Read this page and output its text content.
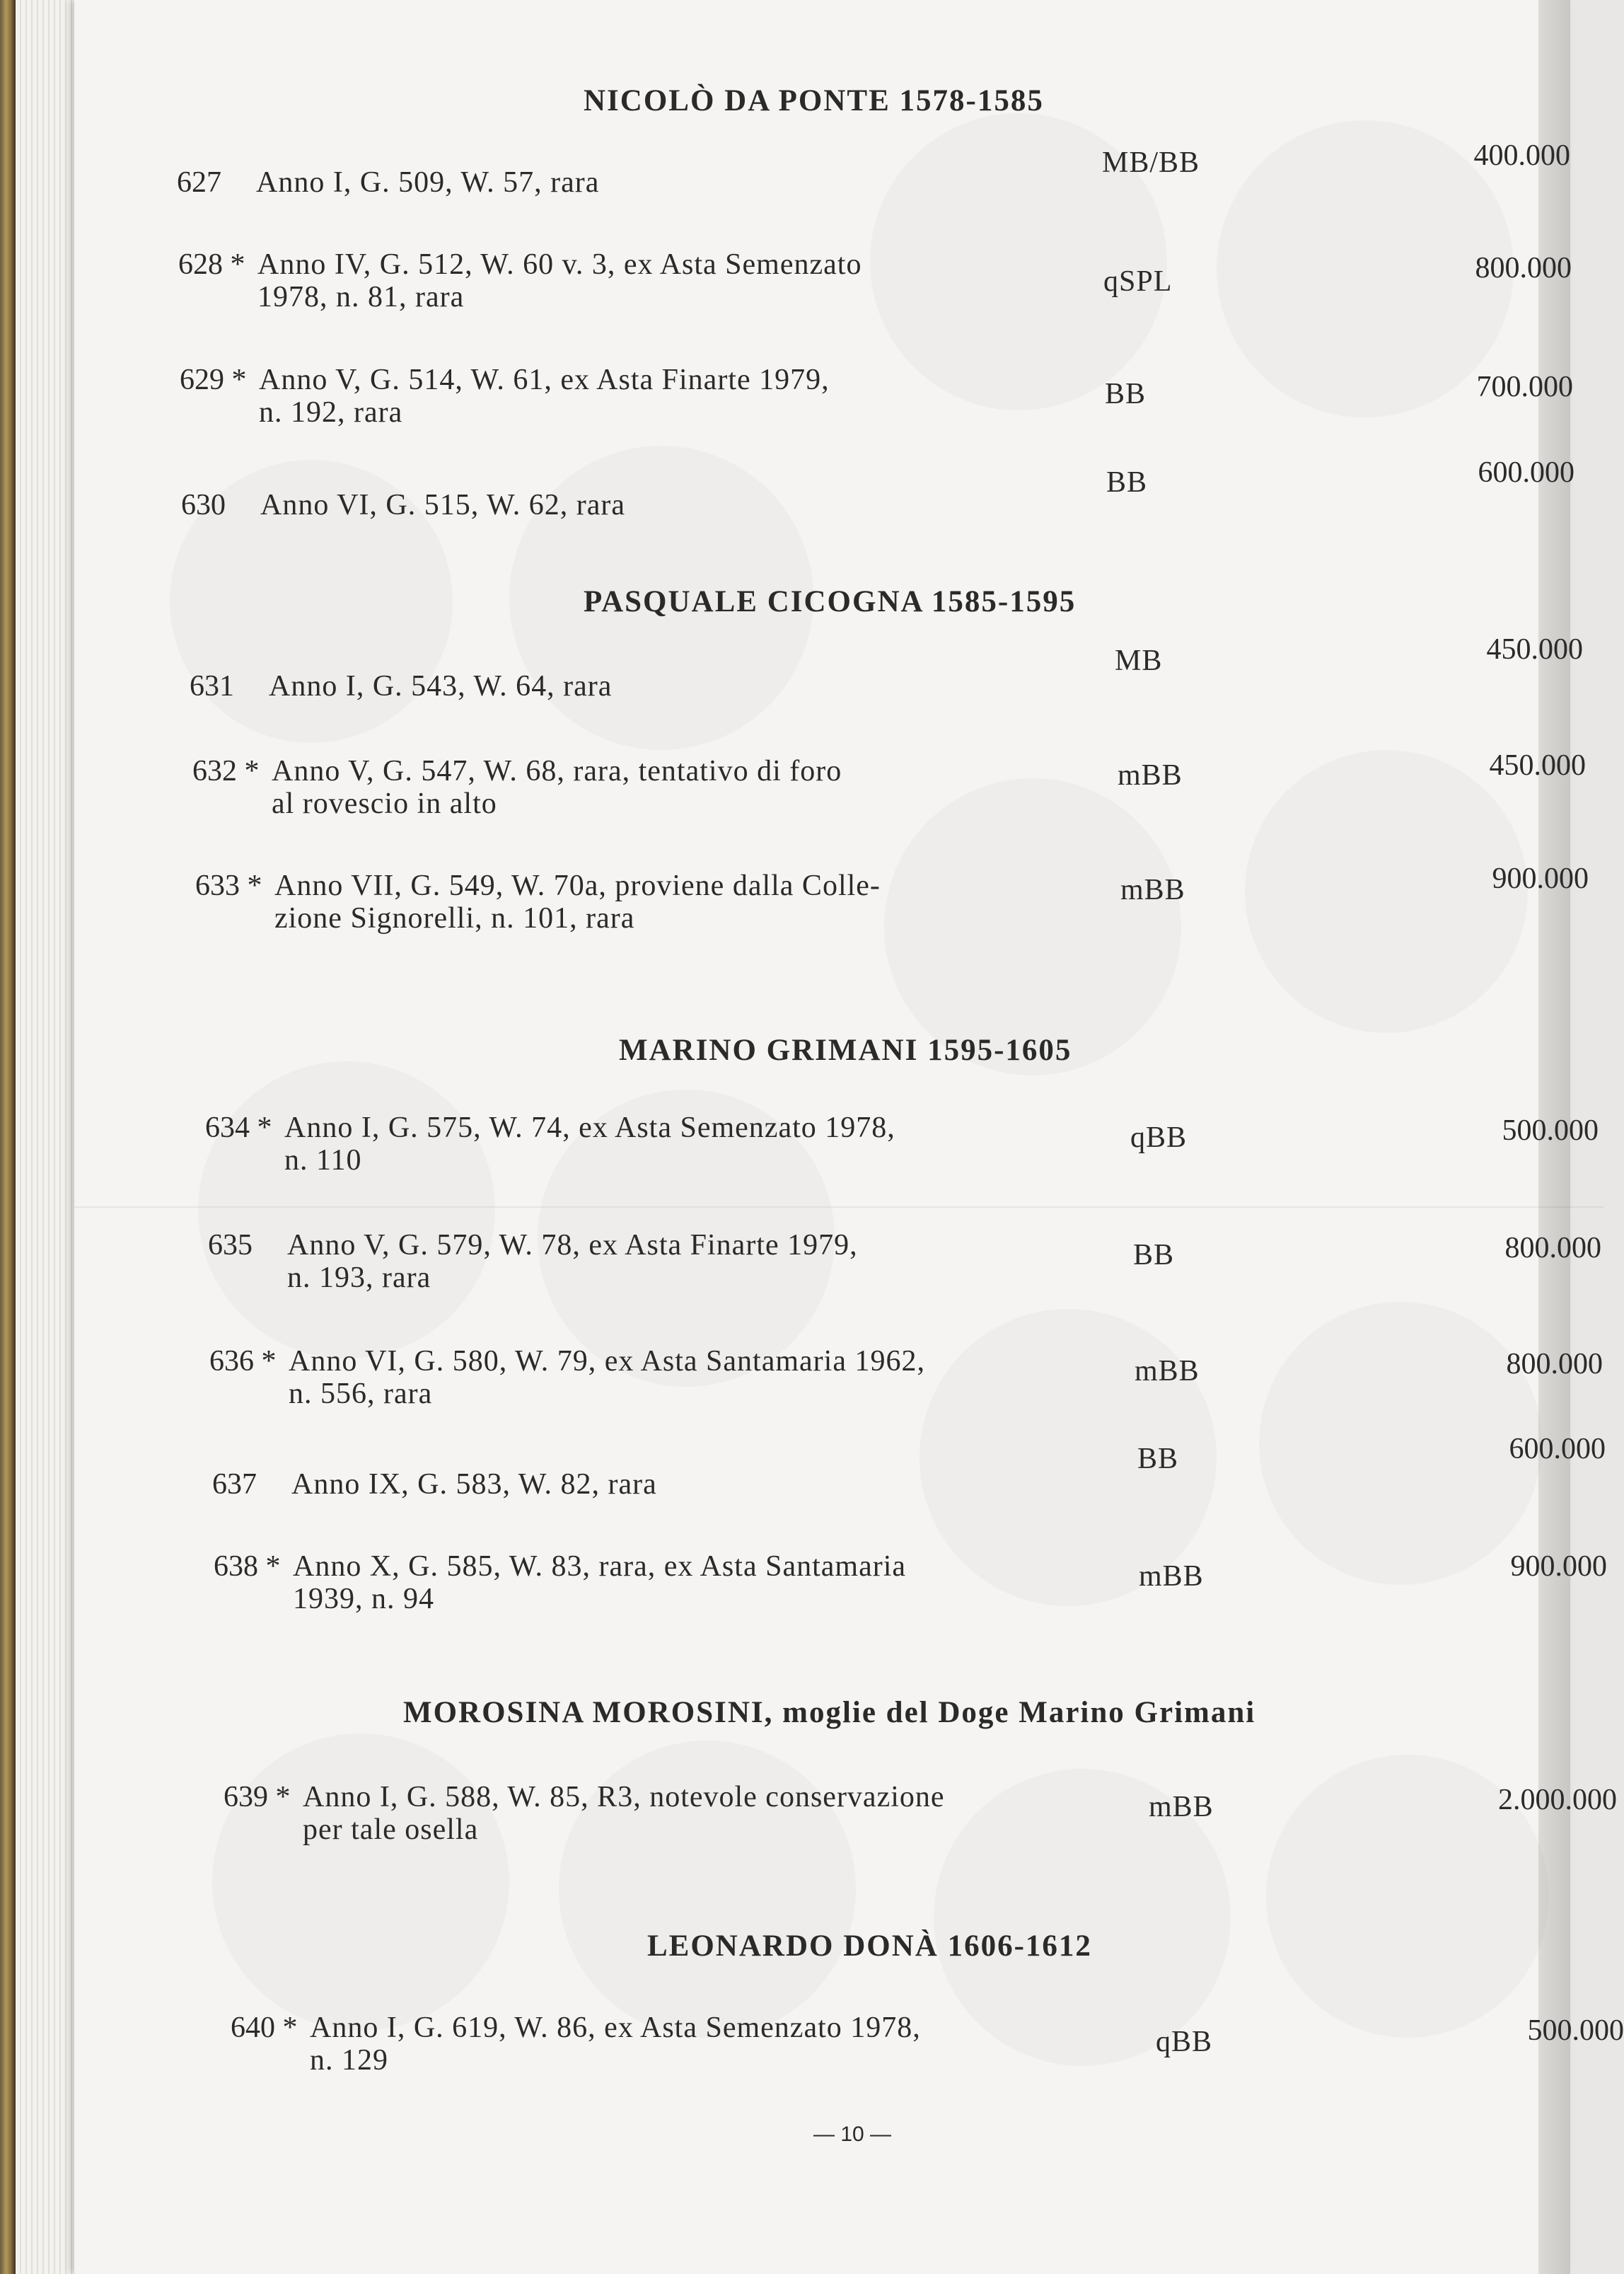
NICOLÒ DA PONTE 1578-1585
627 Anno I, G. 509, W. 57, rara
MB/BB	400.000
628 * Anno IV, G. 512, W. 60 v. 3, ex Asta Semenzato
1978, n. 81, rara	qSPL	800.000
629 * Anno V, G. 514, W. 61, ex Asta Finarte 1979,
n. 192, rara
BB	700.000
630 Anno VI, G. 515, W. 62, rara
BB	600.000
PASQUALE CICOGNA 1585-1595
631 Anno I, G. 543, W. 64, rara
MB	450.000
632 * Anno V, G. 547, W. 68, rara, tentativo di foro
al rovescio in alto
mBB	450.000
633 * Anno VII, G. 549, W. 70a, proviene dalla Colle-
zione Signorelli, n. 101, rara
mBB	900.000
MARINO GRIMANI 1595-1605
634 * Anno I, G. 575, W. 74, ex Asta Semenzato 1978,
n. 110
qBB	500.000
635 Anno V, G. 579, W. 78, ex Asta Finarte 1979,
n. 193, rara
BB	800.000
636 * Anno VI, G. 580, W. 79, ex Asta Santamaria 1962,
n. 556, rara
mBB	800.000
637 Anno IX, G. 583, W. 82, rara
BB	600.000
638 * Anno X, G. 585, W. 83, rara, ex Asta Santamaria
1939, n. 94
mBB	900.000
MOROSINA MOROSINI, moglie del Doge Marino Grimani
639 * Anno I, G. 588, W. 85, R3, notevole conservazione
per tale osella
mBB	2.000.000
LEONARDO DONÀ 1606-1612
640 * Anno I, G. 619, W. 86, ex Asta Semenzato 1978,
n. 129
qBB	500.000
— 10 —
